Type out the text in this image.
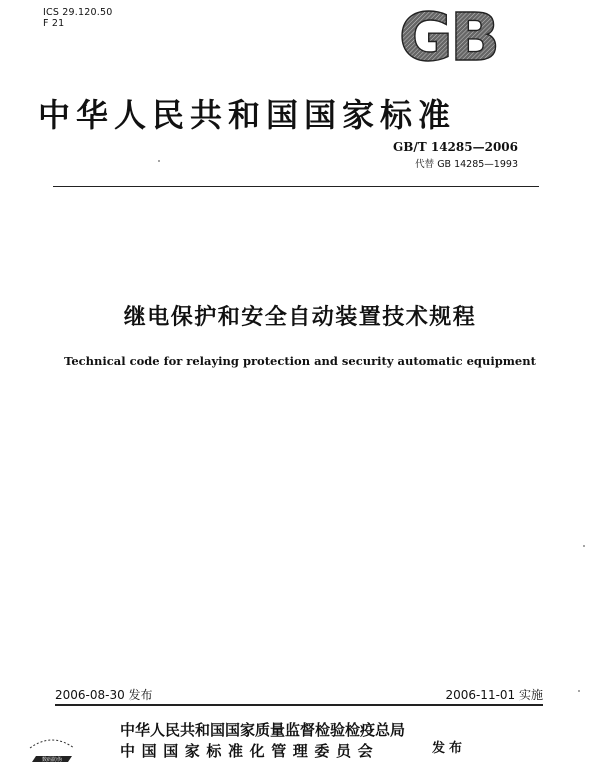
ICS 29.120.50
F 21	GB
中华人民共和国国家标准
GB/T 14285—2006
代替 GB 14285—1993
继电保护和安全自动装置技术规程
Technical code for relaying protection and security automatic equipment
2006-08-30 发布	2006-11-01 实施
中华人民共和国国家质量监督检验检疫总局
中国国家标准化管理委员会	发布
数码防伪
